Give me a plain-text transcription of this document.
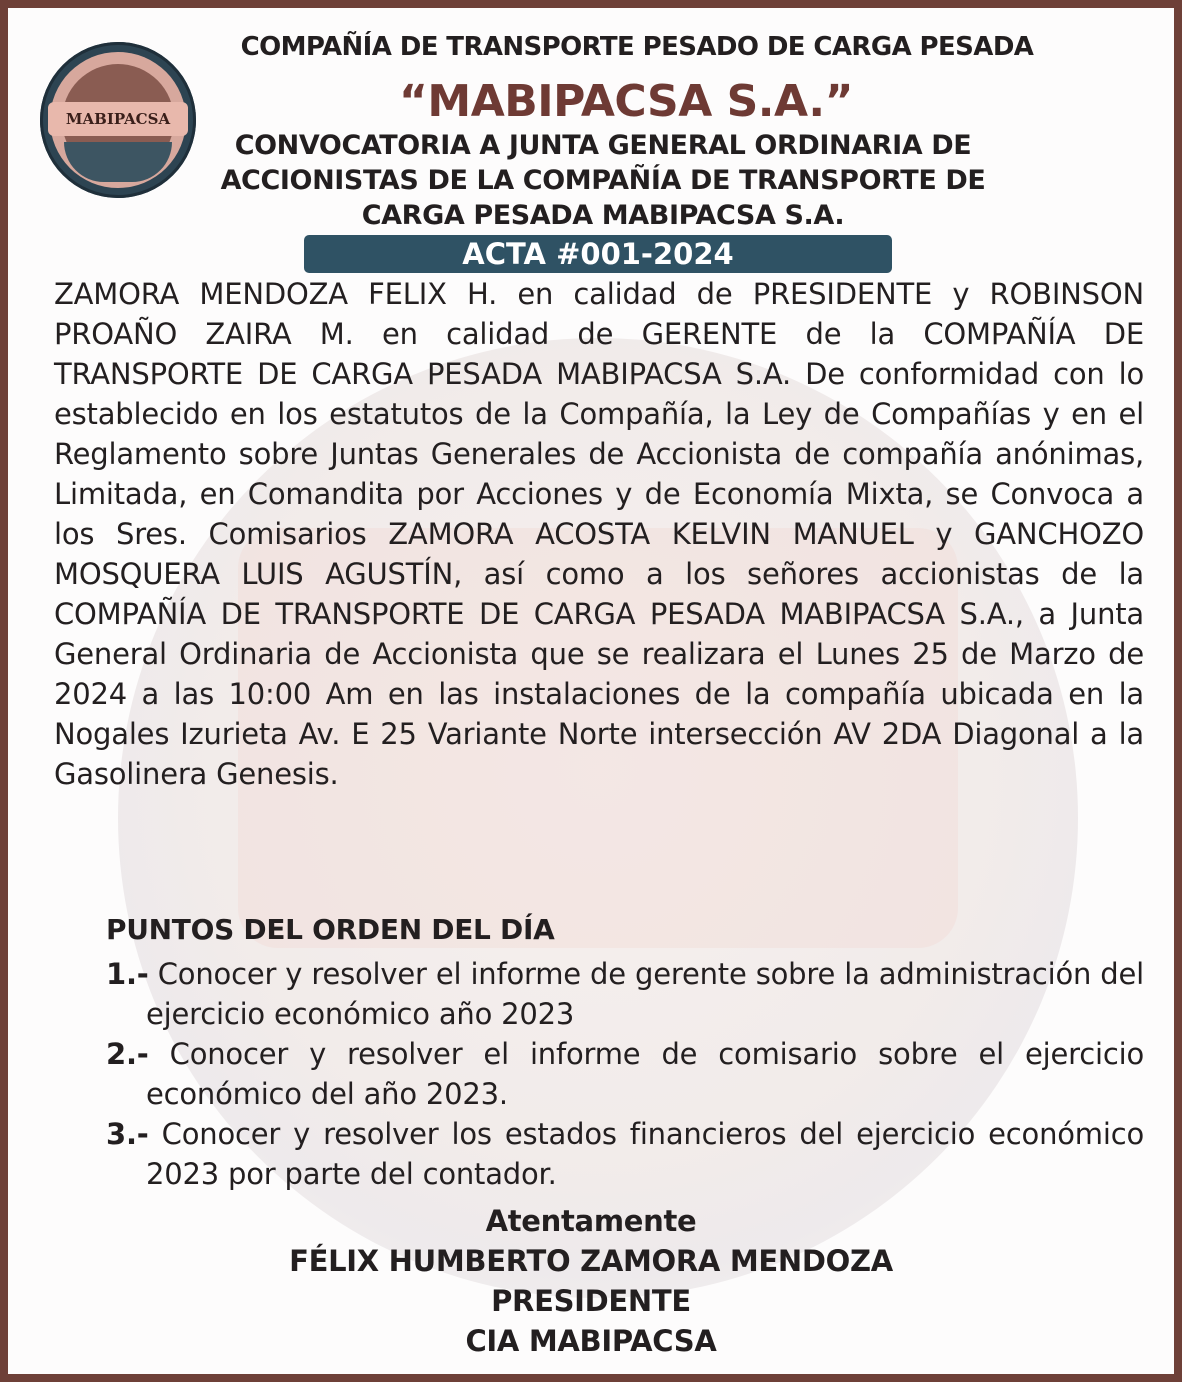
MABIPACSA
COMPAÑÍA DE TRANSPORTE PESADO DE CARGA PESADA
“MABIPACSA S.A.”
CONVOCATORIA A JUNTA GENERAL ORDINARIA DE ACCIONISTAS DE LA COMPAÑÍA DE TRANSPORTE DE CARGA PESADA MABIPACSA S.A.
ACTA #001-2024
ZAMORA MENDOZA FELIX H. en calidad de PRESIDENTE y ROBINSON PROAÑO ZAIRA M. en calidad de GERENTE de la COMPAÑÍA DE TRANSPORTE DE CARGA PESADA MABIPACSA S.A. De conformidad con lo establecido en los estatutos de la Compañía, la Ley de Compañías y en el Reglamento sobre Juntas Generales de Accionista de compañía anónimas, Limitada, en Comandita por Acciones y de Economía Mixta, se Convoca a los Sres. Comisarios ZAMORA ACOSTA KELVIN MANUEL y GANCHOZO MOSQUERA LUIS AGUSTÍN, así como a los señores accionistas de la COMPAÑÍA DE TRANSPORTE DE CARGA PESADA MABIPACSA S.A., a Junta General Ordinaria de Accionista que se realizara el Lunes 25 de Marzo de 2024 a las 10:00 Am en las instalaciones de la compañía ubicada en la Nogales Izurieta Av. E 25 Variante Norte intersección AV 2DA Diagonal a la Gasolinera Genesis.
PUNTOS DEL ORDEN DEL DÍA
1.- Conocer y resolver el informe de gerente sobre la administración del ejercicio económico año 2023
2.- Conocer y resolver el informe de comisario sobre el ejercicio económico del año 2023.
3.- Conocer y resolver los estados financieros del ejercicio económico 2023 por parte del contador.
Atentamente
FÉLIX HUMBERTO ZAMORA MENDOZA
PRESIDENTE
CIA MABIPACSA
